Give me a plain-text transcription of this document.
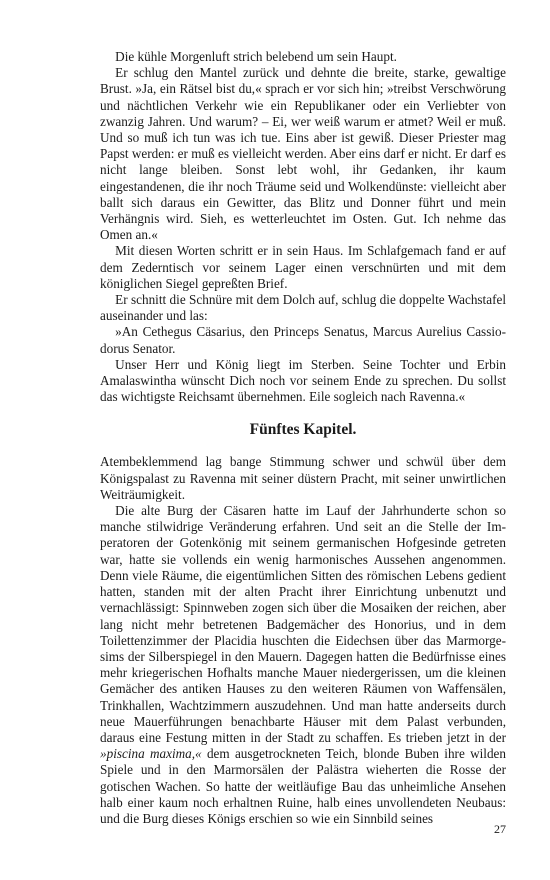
Die kühle Morgenluft strich belebend um sein Haupt.

Er schlug den Mantel zurück und dehnte die breite, starke, gewaltige Brust. »Ja, ein Rätsel bist du,« sprach er vor sich hin; »treibst Verschwörung und nächtlichen Verkehr wie ein Republikaner oder ein Verliebter von zwanzig Jahren. Und warum? – Ei, wer weiß warum er atmet? Weil er muß. Und so muß ich tun was ich tue. Eins aber ist gewiß. Dieser Priester mag Papst werden: er muß es vielleicht werden. Aber eins darf er nicht. Er darf es nicht lange bleiben. Sonst lebt wohl, ihr Gedanken, ihr kaum eingestandenen, die ihr noch Träume seid und Wolkendünste: vielleicht aber ballt sich daraus ein Gewitter, das Blitz und Donner führt und mein Verhängnis wird. Sieh, es wetterleuchtet im Osten. Gut. Ich nehme das Omen an.«

Mit diesen Worten schritt er in sein Haus. Im Schlafgemach fand er auf dem Zederntisch vor seinem Lager einen verschnürten und mit dem königlichen Siegel gepreßten Brief.

Er schnitt die Schnüre mit dem Dolch auf, schlug die doppelte Wachstafel auseinander und las:

»An Cethegus Cäsarius, den Princeps Senatus, Marcus Aurelius Cassiodorus Senator.

Unser Herr und König liegt im Sterben. Seine Tochter und Erbin Amalaswintha wünscht Dich noch vor seinem Ende zu sprechen. Du sollst das wichtigste Reichsamt übernehmen. Eile sogleich nach Ravenna.«

Fünftes Kapitel.

Atembeklemmend lag bange Stimmung schwer und schwül über dem Königspalast zu Ravenna mit seiner düstern Pracht, mit seiner unwirtlichen Weiträumigkeit.

Die alte Burg der Cäsaren hatte im Lauf der Jahrhunderte schon so manche stilwidrige Veränderung erfahren. Und seit an die Stelle der Imperatoren der Gotenkönig mit seinem germanischen Hofgesinde getreten war, hatte sie vollends ein wenig harmonisches Aussehen angenommen. Denn viele Räume, die eigentümlichen Sitten des römischen Lebens gedient hatten, standen mit der alten Pracht ihrer Einrichtung unbenutzt und vernachlässigt: Spinnweben zogen sich über die Mosaiken der reichen, aber lang nicht mehr betretenen Badgemächer des Honorius, und in dem Toilettenzimmer der Placidia huschten die Eidechsen über das Marmorgesims der Silberspiegel in den Mauern. Dagegen hatten die Bedürfnisse eines mehr kriegerischen Hofhalts manche Mauer niedergerissen, um die kleinen Gemächer des antiken Hauses zu den weiteren Räumen von Waffensälen, Trinkhallen, Wachtzimmern auszudehnen. Und man hatte anderseits durch neue Mauerführungen benachbarte Häuser mit dem Palast verbunden, daraus eine Festung mitten in der Stadt zu schaffen. Es trieben jetzt in der »piscina maxima,« dem ausgetrockneten Teich, blonde Buben ihre wilden Spiele und in den Marmorsälen der Palästra wieherten die Rosse der gotischen Wachen. So hatte der weitläufige Bau das unheimliche Ansehen halb einer kaum noch erhaltnen Ruine, halb eines unvollendeten Neubaus: und die Burg dieses Königs erschien so wie ein Sinnbild seines

27
